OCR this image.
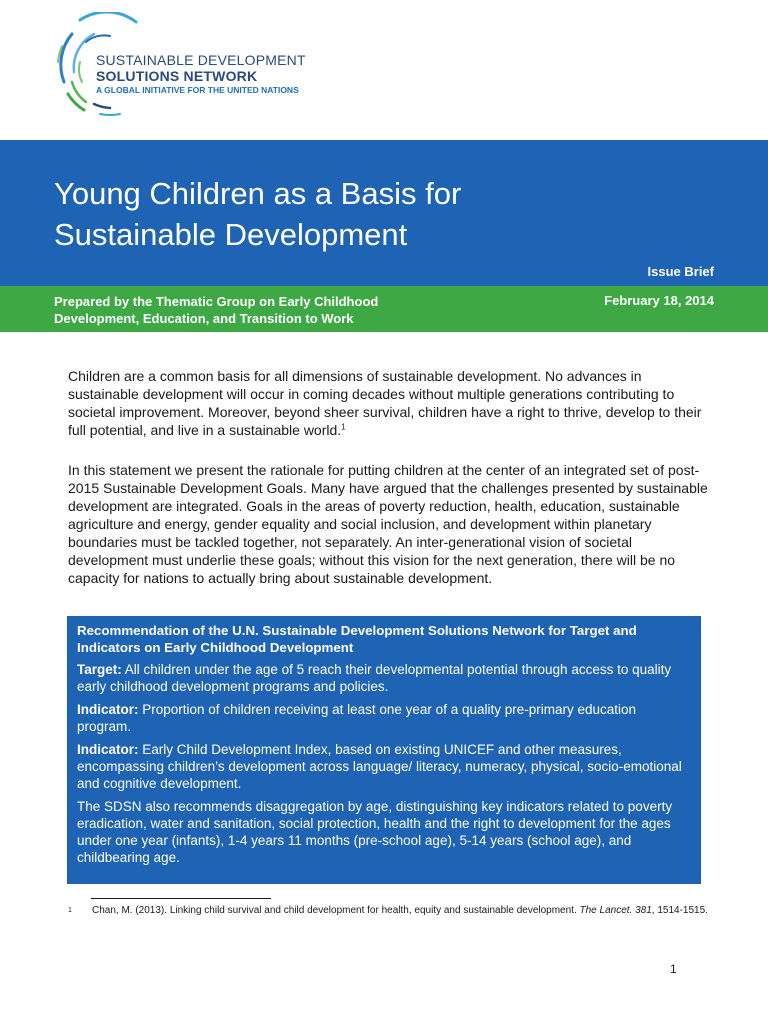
SUSTAINABLE DEVELOPMENT
SOLUTIONS NETWORK
A GLOBAL INITIATIVE FOR THE UNITED NATIONS
Young Children as a Basis for
Sustainable Development
Issue Brief
Prepared by the Thematic Group on Early Childhood
Development, Education, and Transition to Work
February 18, 2014

Children are a common basis for all dimensions of sustainable development. No advances in sustainable development will occur in coming decades without multiple generations contributing to societal improvement. Moreover, beyond sheer survival, children have a right to thrive, develop to their full potential, and live in a sustainable world.$^1$

In this statement we present the rationale for putting children at the center of an integrated set of post-2015 Sustainable Development Goals. Many have argued that the challenges presented by sustainable development are integrated. Goals in the areas of poverty reduction, health, education, sustainable agriculture and energy, gender equality and social inclusion, and development within planetary boundaries must be tackled together, not separately. An inter-generational vision of societal development must underlie these goals; without this vision for the next generation, there will be no capacity for nations to actually bring about sustainable development.

Recommendation of the U.N. Sustainable Development Solutions Network for Target and Indicators on Early Childhood Development

Target: All children under the age of 5 reach their developmental potential through access to quality early childhood development programs and policies.

Indicator: Proportion of children receiving at least one year of a quality pre-primary education program.

Indicator: Early Child Development Index, based on existing UNICEF and other measures, encompassing children’s development across language/ literacy, numeracy, physical, socio-emotional and cognitive development.

The SDSN also recommends disaggregation by age, distinguishing key indicators related to poverty eradication, water and sanitation, social protection, health and the right to development for the ages under one year (infants), 1-4 years 11 months (pre-school age), 5-14 years (school age), and childbearing age.

1 Chan, M. (2013). Linking child survival and child development for health, equity and sustainable development. The Lancet. 381, 1514-1515.
1
